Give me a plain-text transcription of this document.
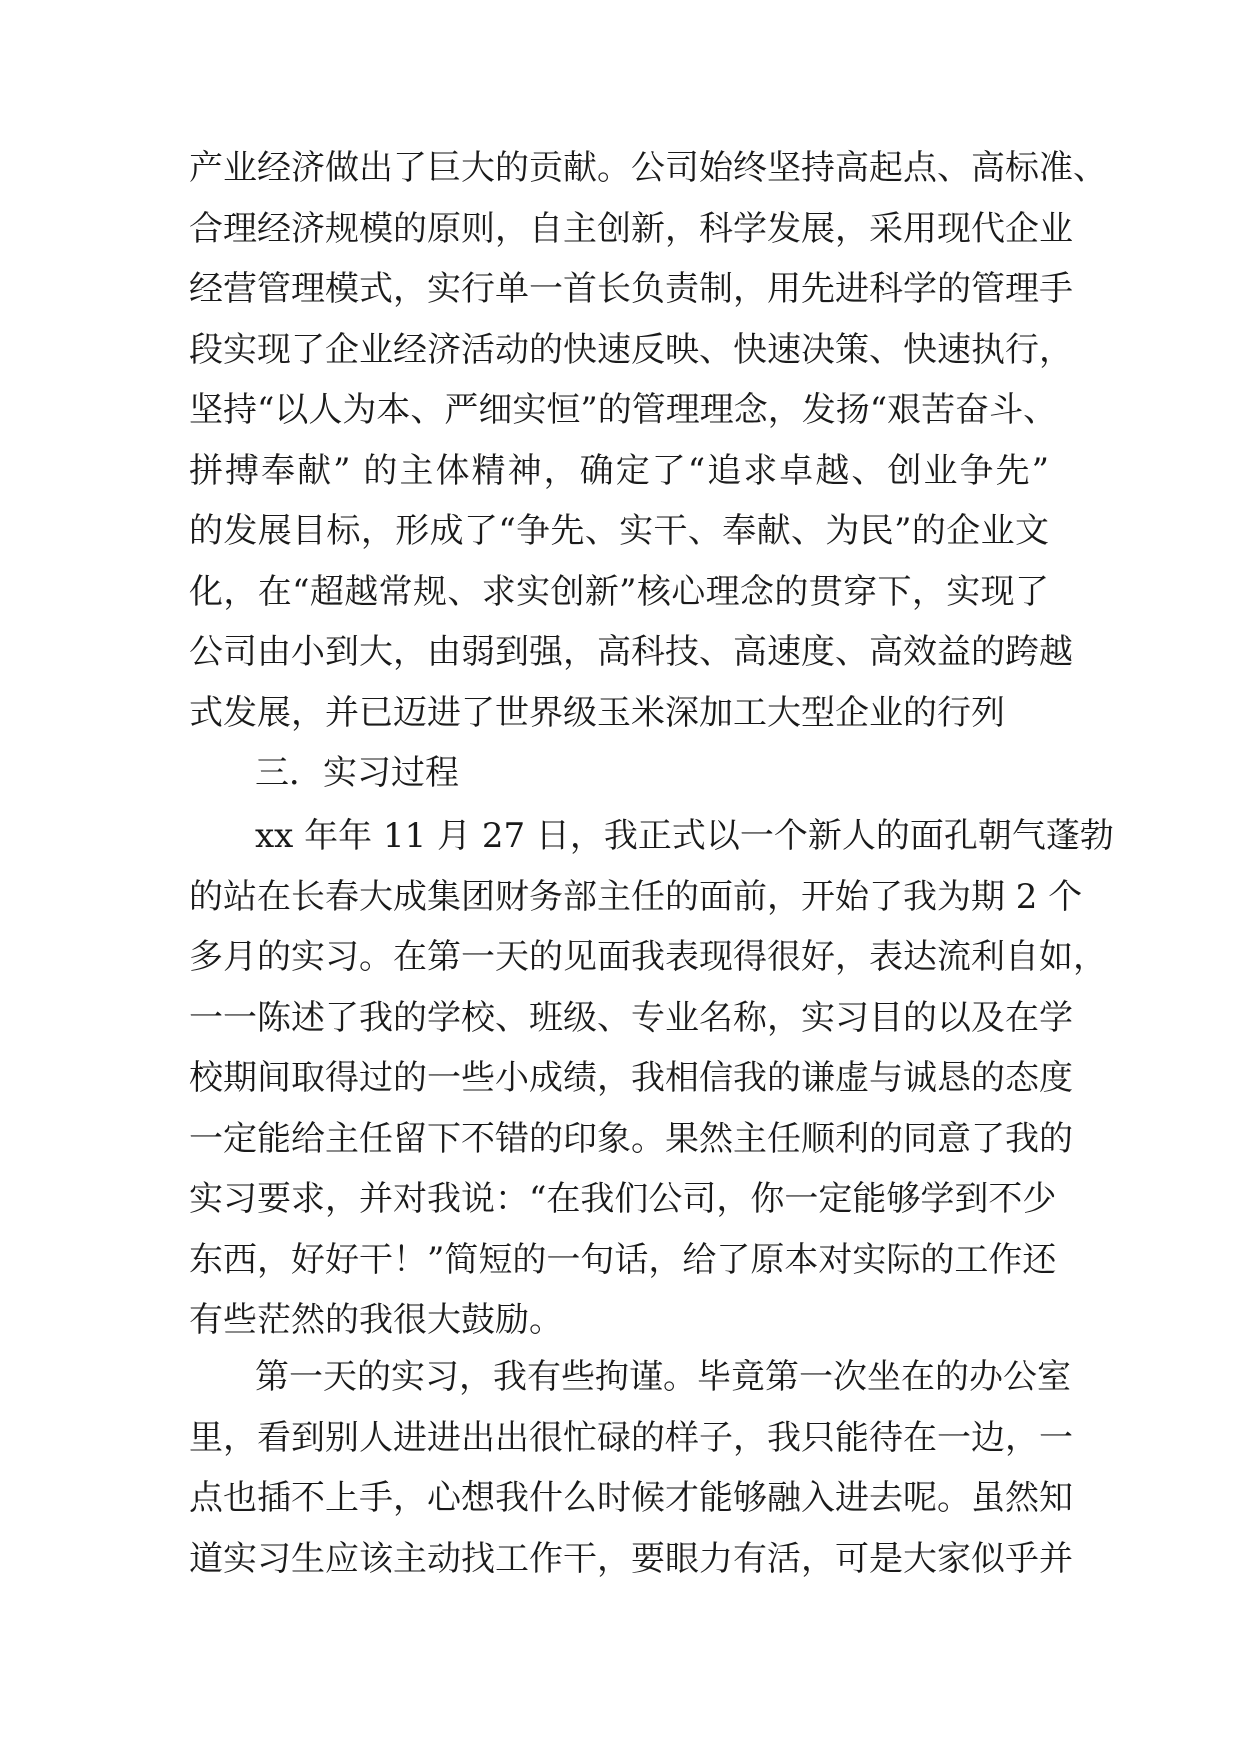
产业经济做出了巨大的贡献。公司始终坚持高起点、高标准、
合理经济规模的原则，自主创新，科学发展，采用现代企业
经营管理模式，实行单一首长负责制，用先进科学的管理手
段实现了企业经济活动的快速反映、快速决策、快速执行，
坚持“以人为本、严细实恒”的管理理念，发扬“艰苦奋斗、
拼搏奉献” 的主体精神，确定了“追求卓越、创业争先”
的发展目标，形成了“争先、实干、奉献、为民”的企业文
化，在“超越常规、求实创新”核心理念的贯穿下，实现了
公司由小到大，由弱到强，高科技、高速度、高效益的跨越
式发展，并已迈进了世界级玉米深加工大型企业的行列
三．实习过程
xx 年年 11 月 27 日，我正式以一个新人的面孔朝气蓬勃
的站在长春大成集团财务部主任的面前，开始了我为期 2 个
多月的实习。在第一天的见面我表现得很好，表达流利自如，
一一陈述了我的学校、班级、专业名称，实习目的以及在学
校期间取得过的一些小成绩，我相信我的谦虚与诚恳的态度
一定能给主任留下不错的印象。果然主任顺利的同意了我的
实习要求，并对我说：“在我们公司，你一定能够学到不少
东西，好好干！”简短的一句话，给了原本对实际的工作还
有些茫然的我很大鼓励。
第一天的实习，我有些拘谨。毕竟第一次坐在的办公室
里，看到别人进进出出很忙碌的样子，我只能待在一边，一
点也插不上手，心想我什么时候才能够融入进去呢。虽然知
道实习生应该主动找工作干，要眼力有活，可是大家似乎并
